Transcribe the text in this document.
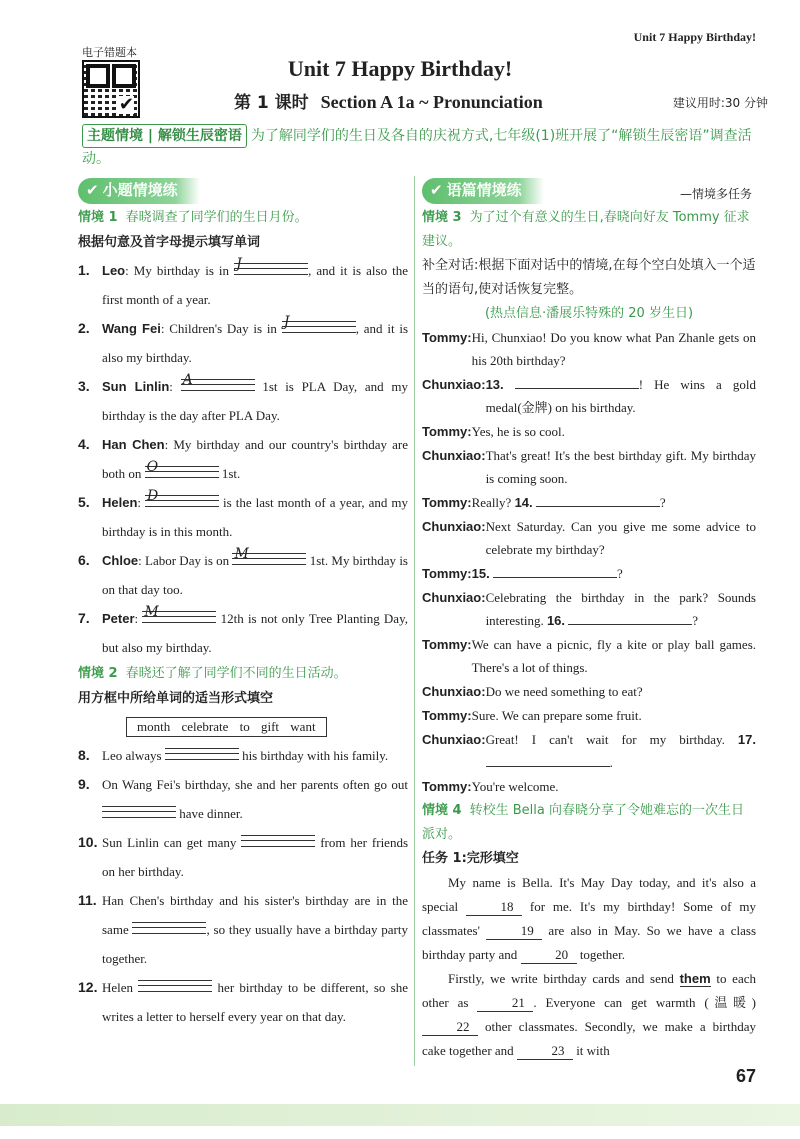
Unit 7 Happy Birthday!
电子错题本
✔
Unit 7 Happy Birthday!
第 1 课时 Section A 1a ~ Pronunciation	建议用时:30 分钟
主题情境 | 解锁生辰密语 为了解同学们的生日及各自的庆祝方式,七年级(1)班开展了“解锁生辰密语”调查活动。
✔ 小题情境练
情境 1 春晓调查了同学们的生日月份。
根据句意及首字母提示填写单词
1. Leo: My birthday is in J	, and it is also the first month of a year.
2. Wang Fei: Children's Day is in J	, and it is also my birthday.
3. Sun Linlin: A	1st is PLA Day, and my birthday is the day after PLA Day.
4. Han Chen: My birthday and our country's birthday are both on O	1st.
5. Helen: D	is the last month of a year, and my birthday is in this month.
6. Chloe: Labor Day is on M	1st. My birthday is on that day too.
7. Peter: M	12th is not only Tree Planting Day, but also my birthday.
情境 2 春晓还了解了同学们不同的生日活动。
用方框中所给单词的适当形式填空
month celebrate to gift want
8. Leo always	his birthday with his family.
9. On Wang Fei's birthday, she and her parents often go out  have dinner.
10. Sun Linlin can get many	from her friends on her birthday.
11. Han Chen's birthday and his sister's birthday are in the same	, so they usually have a birthday party together.
12. Helen	her birthday to be different, so she writes a letter to herself every year on that day.
✔ 语篇情境练	—情境多任务
情境 3 为了过个有意义的生日,春晓向好友 Tommy 征求建议。
补全对话:根据下面对话中的情境,在每个空白处填入一个适当的语句,使对话恢复完整。
(热点信息·潘展乐特殊的 20 岁生日)
Tommy: Hi, Chunxiao! Do you know what Pan Zhanle gets on his 20th birthday?
Chunxiao: 13.	! He wins a gold medal(金牌) on his birthday.
Tommy: Yes, he is so cool.
Chunxiao: That's great! It's the best birthday gift. My birthday is coming soon.
Tommy: Really? 14.	?
Chunxiao: Next Saturday. Can you give me some advice to celebrate my birthday?
Tommy: 15.	?
Chunxiao: Celebrating the birthday in the park? Sounds interesting. 16.	?
Tommy: We can have a picnic, fly a kite or play ball games. There's a lot of things.
Chunxiao: Do we need something to eat?
Tommy: Sure. We can prepare some fruit.
Chunxiao: Great! I can't wait for my birthday. 17. .
Tommy: You're welcome.
情境 4 转校生 Bella 向春晓分享了令她难忘的一次生日派对。
任务 1:完形填空
My name is Bella. It's May Day today, and it's also a special	18 for me. It's my birthday! Some of my classmates'	19 are also in May. So we have a class birthday party and	20 together.
Firstly, we write birthday cards and send them to each other as	21 . Everyone can get warmth (温暖) 22 other classmates. Secondly, we make a birthday cake together and	23 it with
67
